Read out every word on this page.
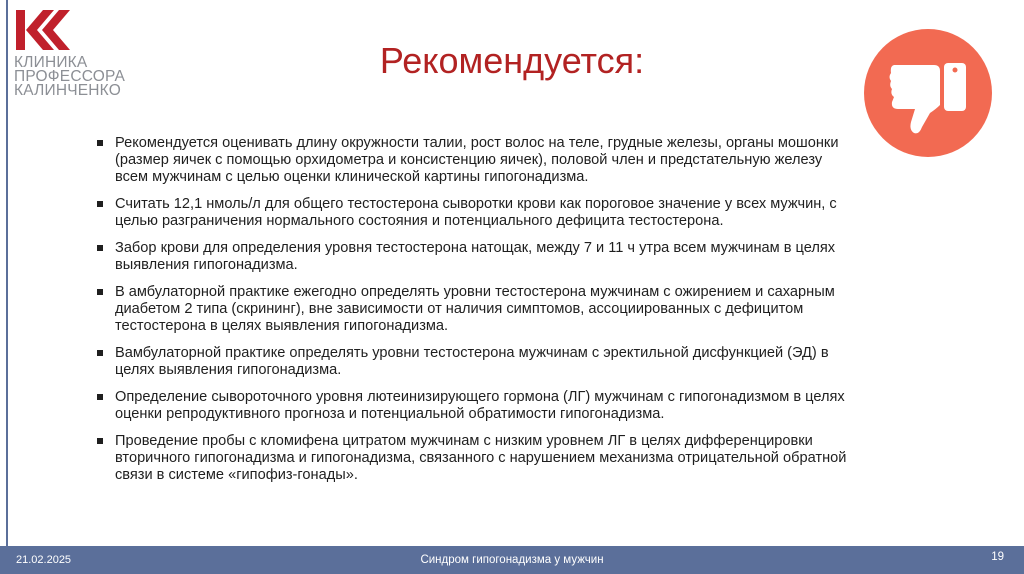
КЛИНИКА
ПРОФЕССОРА
КАЛИНЧЕНКО
Рекомендуется:
Рекомендуется оценивать длину окружности талии, рост волос на теле, грудные железы, органы мошонки (размер яичек с помощью орхидометра и консистенцию яичек), половой член и предстательную железу всем мужчинам с целью оценки клинической картины гипогонадизма.
Считать 12,1 нмоль/л для общего тестостерона сыворотки крови как пороговое значение у всех мужчин, с целью разграничения нормального состояния и потенциального дефицита тестостерона.
Забор крови для определения уровня тестостерона натощак, между 7 и 11 ч утра всем мужчинам в целях выявления гипогонадизма.
В амбулаторной практике ежегодно определять уровни тестостерона мужчинам с ожирением и сахарным диабетом 2 типа (скрининг), вне зависимости от наличия симптомов, ассоциированных с дефицитом тестостерона в целях выявления гипогонадизма.
Вамбулаторной практике определять уровни тестостерона мужчинам с эректильной дисфункцией (ЭД) в целях выявления гипогонадизма.
Определение сывороточного уровня лютеинизирующего гормона (ЛГ) мужчинам с гипогонадизмом в целях оценки репродуктивного прогноза и потенциальной обратимости гипогонадизма.
Проведение пробы с кломифена цитратом мужчинам с низким уровнем ЛГ в целях дифференцировки вторичного гипогонадизма и гипогонадизма, связанного с нарушением механизма отрицательной обратной связи в системе «гипофиз-гонады».
21.02.2025	Синдром гипогонадизма у мужчин	19
